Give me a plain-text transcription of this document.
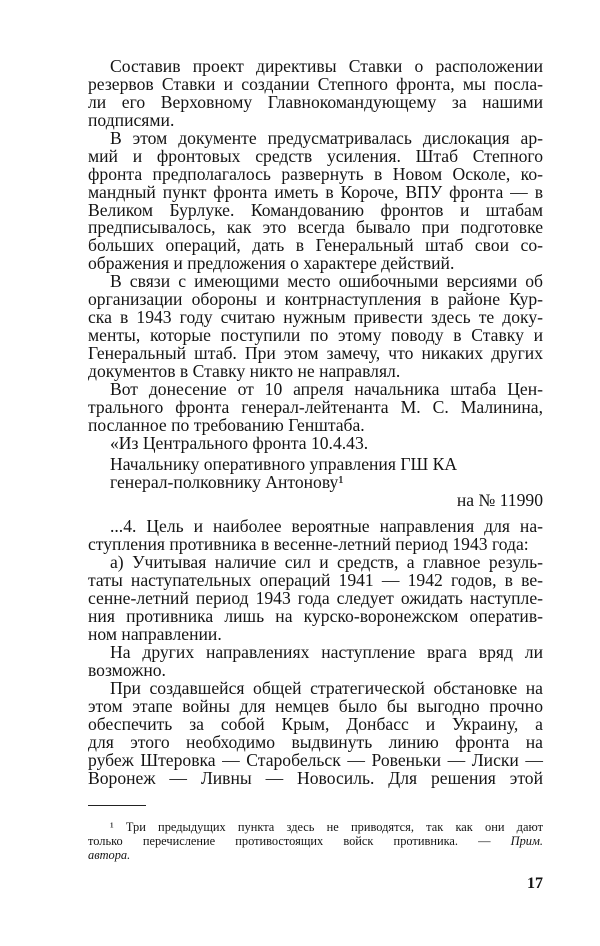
Составив проект директивы Ставки о расположении
резервов Ставки и создании Степного фронта, мы посла-
ли его Верховному Главнокомандующему за нашими
подписями.
В этом документе предусматривалась дислокация ар-
мий и фронтовых средств усиления. Штаб Степного
фронта предполагалось развернуть в Новом Осколе, ко-
мандный пункт фронта иметь в Короче, ВПУ фронта — в
Великом Бурлуке. Командованию фронтов и штабам
предписывалось, как это всегда бывало при подготовке
больших операций, дать в Генеральный штаб свои со-
ображения и предложения о характере действий.
В связи с имеющими место ошибочными версиями об
организации обороны и контрнаступления в районе Кур-
ска в 1943 году считаю нужным привести здесь те доку-
менты, которые поступили по этому поводу в Ставку и
Генеральный штаб. При этом замечу, что никаких других
документов в Ставку никто не направлял.
Вот донесение от 10 апреля начальника штаба Цен-
трального фронта генерал-лейтенанта М. С. Малинина,
посланное по требованию Генштаба.
«Из Центрального фронта 10.4.43.
Начальнику оперативного управления ГШ КА
генерал-полковнику Антонову¹
на № 11990
...4. Цель и наиболее вероятные направления для на-
ступления противника в весенне-летний период 1943 года:
а) Учитывая наличие сил и средств, а главное резуль-
таты наступательных операций 1941 — 1942 годов, в ве-
сенне-летний период 1943 года следует ожидать наступле-
ния противника лишь на курско-воронежском оператив-
ном направлении.
На других направлениях наступление врага вряд ли
возможно.
При создавшейся общей стратегической обстановке на
этом этапе войны для немцев было бы выгодно прочно
обеспечить за собой Крым, Донбасс и Украину, а
для этого необходимо выдвинуть линию фронта на
рубеж Штеровка — Старобельск — Ровеньки — Лиски —
Воронеж — Ливны — Новосиль. Для решения этой
¹ Три предыдущих пункта здесь не приводятся, так как они дают
только перечисление противостоящих войск противника. — Прим.
автора.
17
